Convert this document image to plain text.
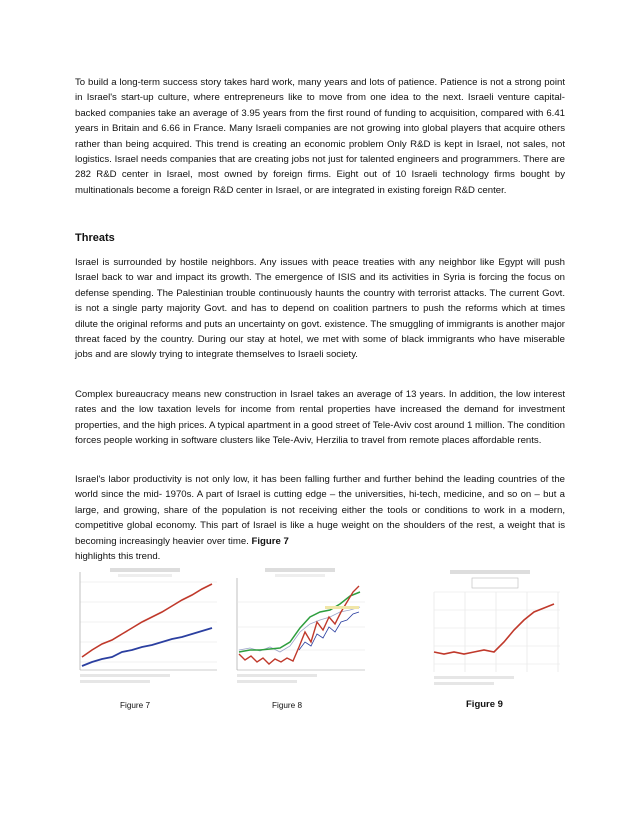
To build a long-term success story takes hard work, many years and lots of patience. Patience is not a strong point in Israel's start-up culture, where entrepreneurs like to move from one idea to the next. Israeli venture capital-backed companies take an average of 3.95 years from the first round of funding to acquisition, compared with 6.41 years in Britain and 6.66 in France. Many Israeli companies are not growing into global players that acquire others rather than being acquired. This trend is creating an economic problem Only R&D is kept in Israel, not sales, not logistics. Israel needs companies that are creating jobs not just for talented engineers and programmers. There are 282 R&D center in Israel, most owned by foreign firms. Eight out of 10 Israeli technology firms bought by multinationals become a foreign R&D center in Israel, or are integrated in existing foreign R&D center.

Threats

Israel is surrounded by hostile neighbors. Any issues with peace treaties with any neighbor like Egypt will push Israel back to war and impact its growth. The emergence of ISIS and its activities in Syria is forcing the focus on defense spending. The Palestinian trouble continuously haunts the country with terrorist attacks. The current Govt. is not a single party majority Govt. and has to depend on coalition partners to push the reforms which at times dilute the original reforms and puts an uncertainty on govt. existence. The smuggling of immigrants is another major threat faced by the country. During our stay at hotel, we met with some of black immigrants who have miserable jobs and are slowly trying to integrate themselves to Israeli society.

Complex bureaucracy means new construction in Israel takes an average of 13 years. In addition, the low interest rates and the low taxation levels for income from rental properties have increased the demand for investment properties, and the high prices. A typical apartment in a good street of Tele-Aviv cost around 1 million. The condition forces people working in software clusters like Tele-Aviv, Herzilia to travel from remote places affordable rents.

Israel's labor productivity is not only low, it has been falling further and further behind the leading countries of the world since the mid- 1970s. A part of Israel is cutting edge – the universities, hi-tech, medicine, and so on – but a large, and growing, share of the population is not receiving either the tools or conditions to work in a modern, competitive global economy. This part of Israel is like a huge weight on the shoulders of the rest, a weight that is becoming increasingly heavier over time. Figure 7
highlights this trend.

Figure 7	Figure 8	Figure 9
